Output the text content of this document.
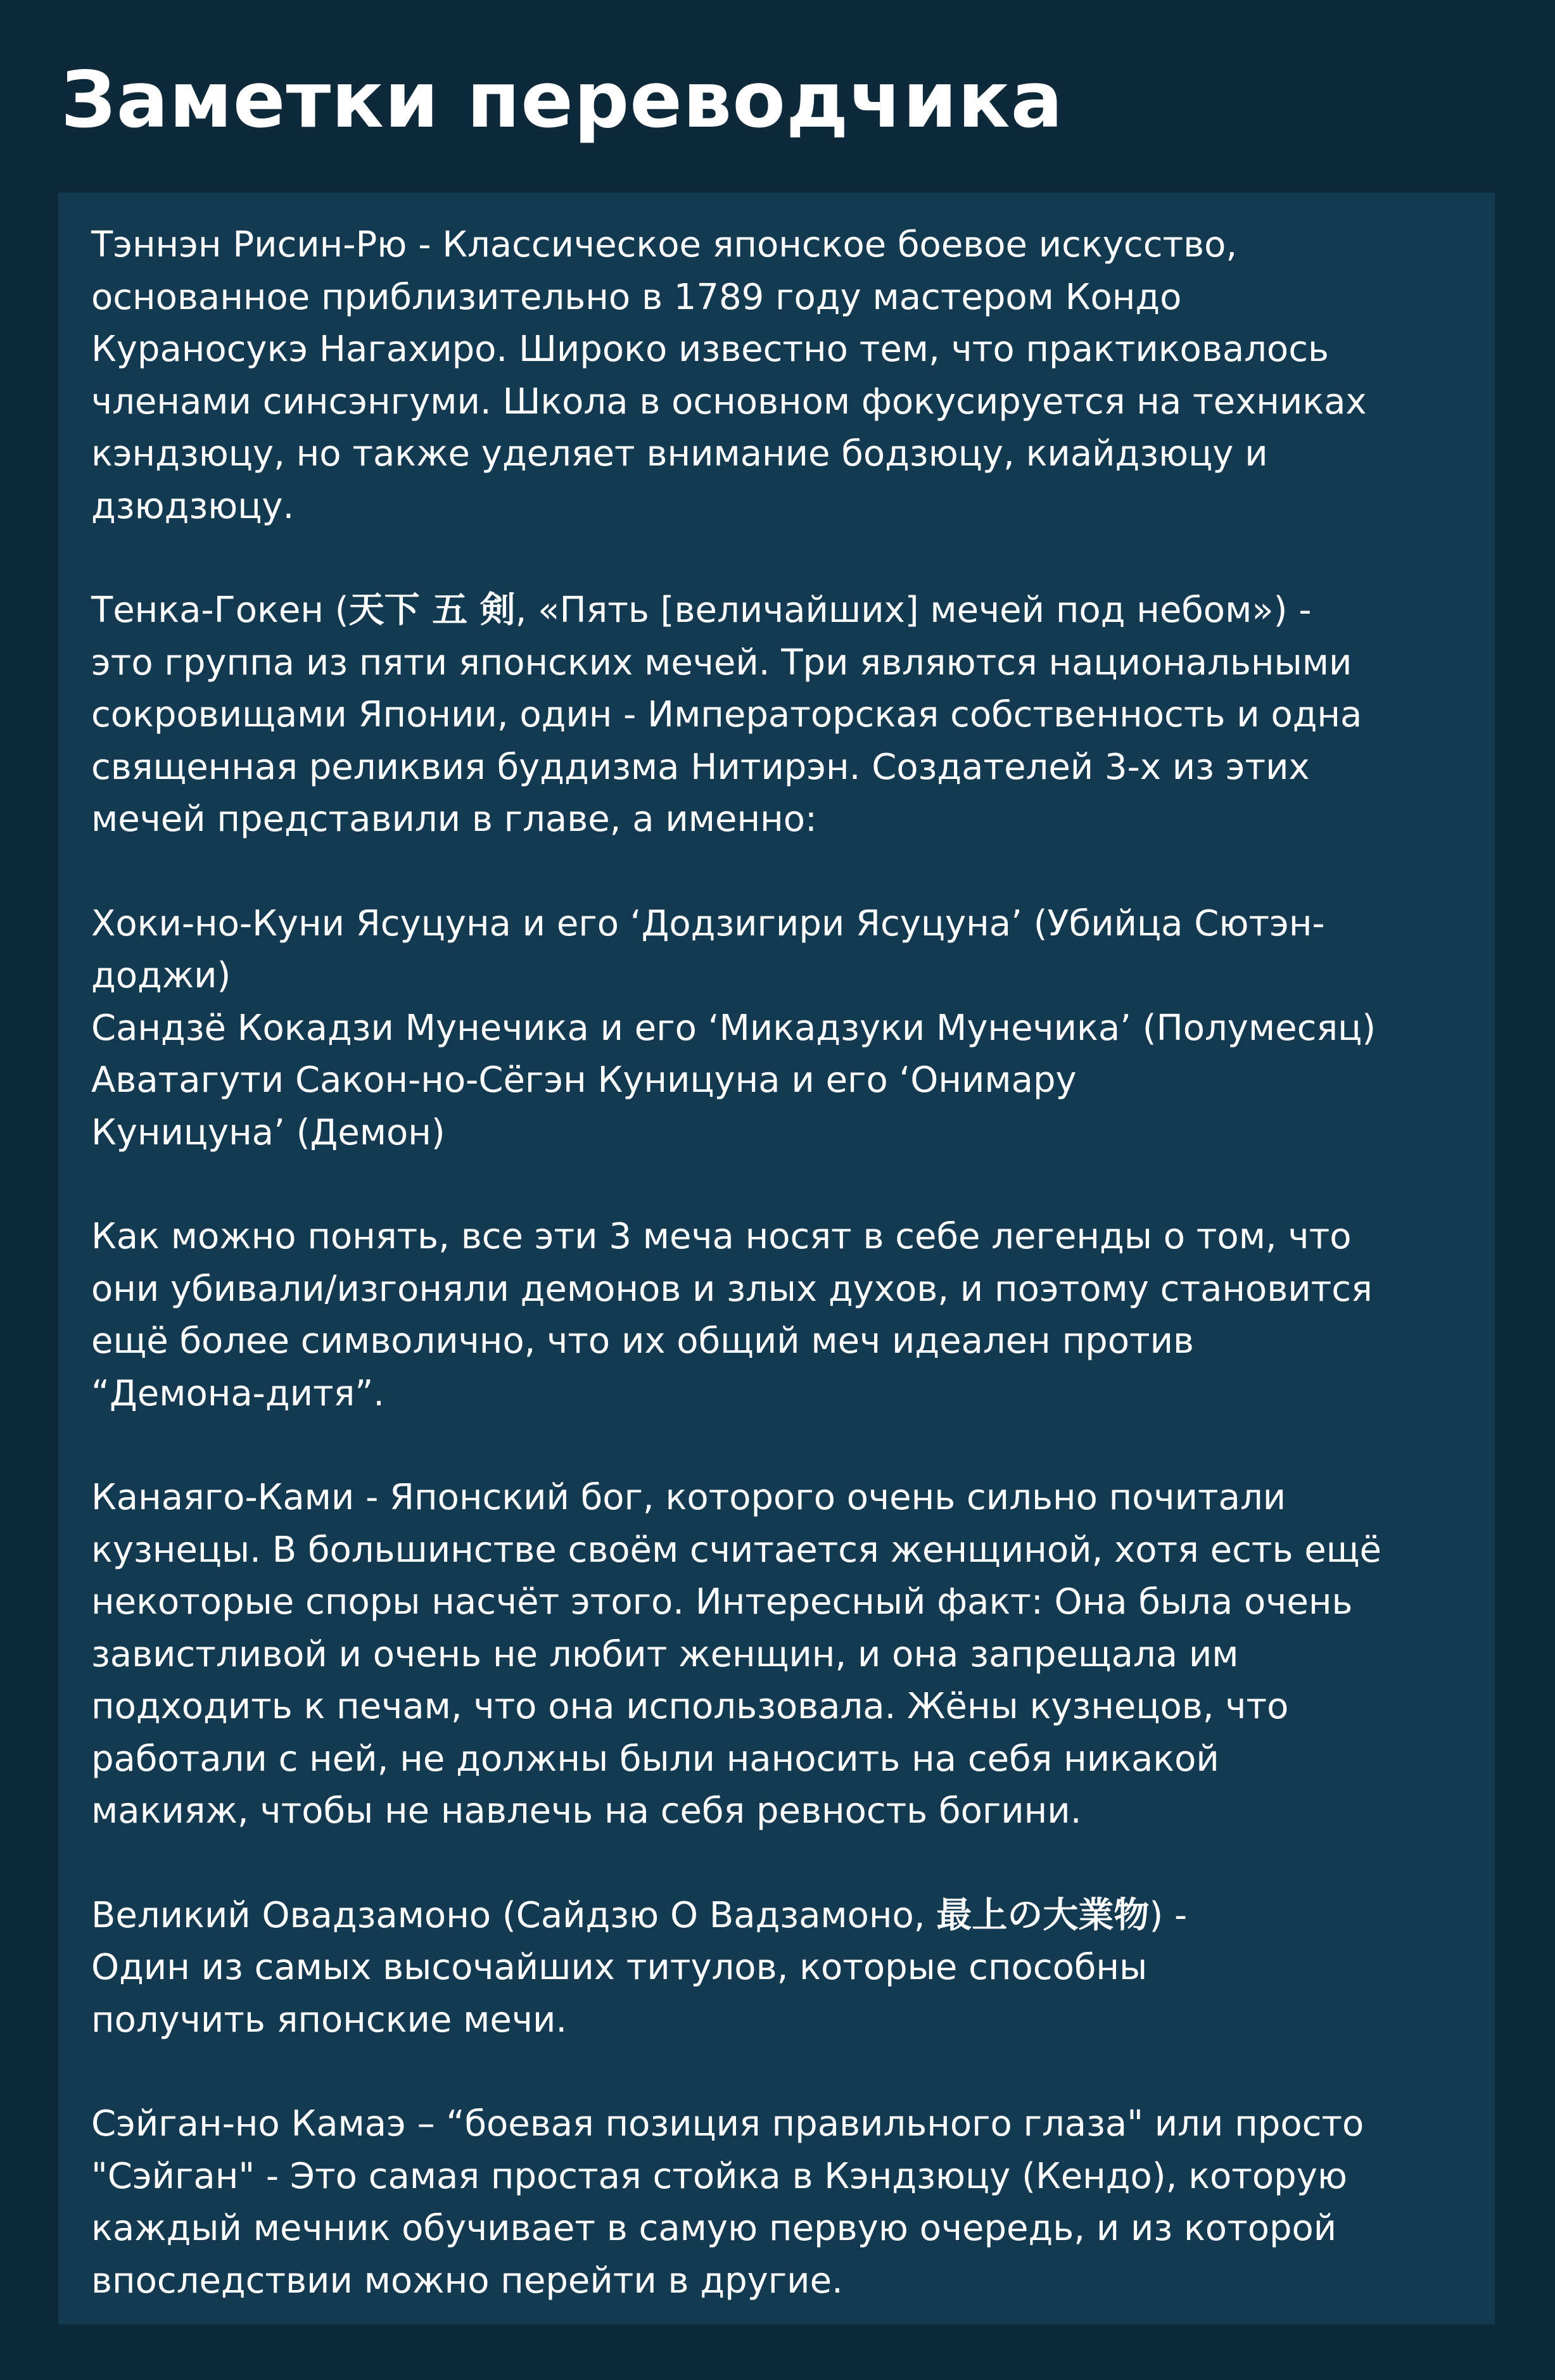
Заметки переводчика

Тэннэн Рисин-Рю - Классическое японское боевое искусство,
основанное приблизительно в 1789 году мастером Кондо
Кураносукэ Нагахиро. Широко известно тем, что практиковалось
членами синсэнгуми. Школа в основном фокусируется на техниках
кэндзюцу, но также уделяет внимание бодзюцу, киайдзюцу и
дзюдзюцу.

Тенка-Гокен (天下 五 剣, «Пять [величайших] мечей под небом») -
это группа из пяти японских мечей. Три являются национальными
сокровищами Японии, один - Императорская собственность и одна
священная реликвия буддизма Нитирэн. Создателей 3-х из этих
мечей представили в главе, а именно:

Хоки-но-Куни Ясуцуна и его ‘Додзигири Ясуцуна’ (Убийца Сютэн-
доджи)
Сандзё Кокадзи Мунечика и его ‘Микадзуки Мунечика’ (Полумесяц)
Аватагути Сакон-но-Сёгэн Куницуна и его ‘Онимару
Куницуна’ (Демон)

Как можно понять, все эти 3 меча носят в себе легенды о том, что
они убивали/изгоняли демонов и злых духов, и поэтому становится
ещё более символично, что их общий меч идеален против
“Демона-дитя”.

Канаяго-Ками - Японский бог, которого очень сильно почитали
кузнецы. В большинстве своём считается женщиной, хотя есть ещё
некоторые споры насчёт этого. Интересный факт: Она была очень
завистливой и очень не любит женщин, и она запрещала им
подходить к печам, что она использовала. Жёны кузнецов, что
работали с ней, не должны были наносить на себя никакой
макияж, чтобы не навлечь на себя ревность богини.

Великий Овадзамоно (Сайдзю О Вадзамоно, 最上の大業物) -
Один из самых высочайших титулов, которые способны
получить японские мечи.

Сэйган-но Камаэ – “боевая позиция правильного глаза" или просто
"Сэйган" - Это самая простая стойка в Кэндзюцу (Кендо), которую
каждый мечник обучивает в самую первую очередь, и из которой
впоследствии можно перейти в другие.
